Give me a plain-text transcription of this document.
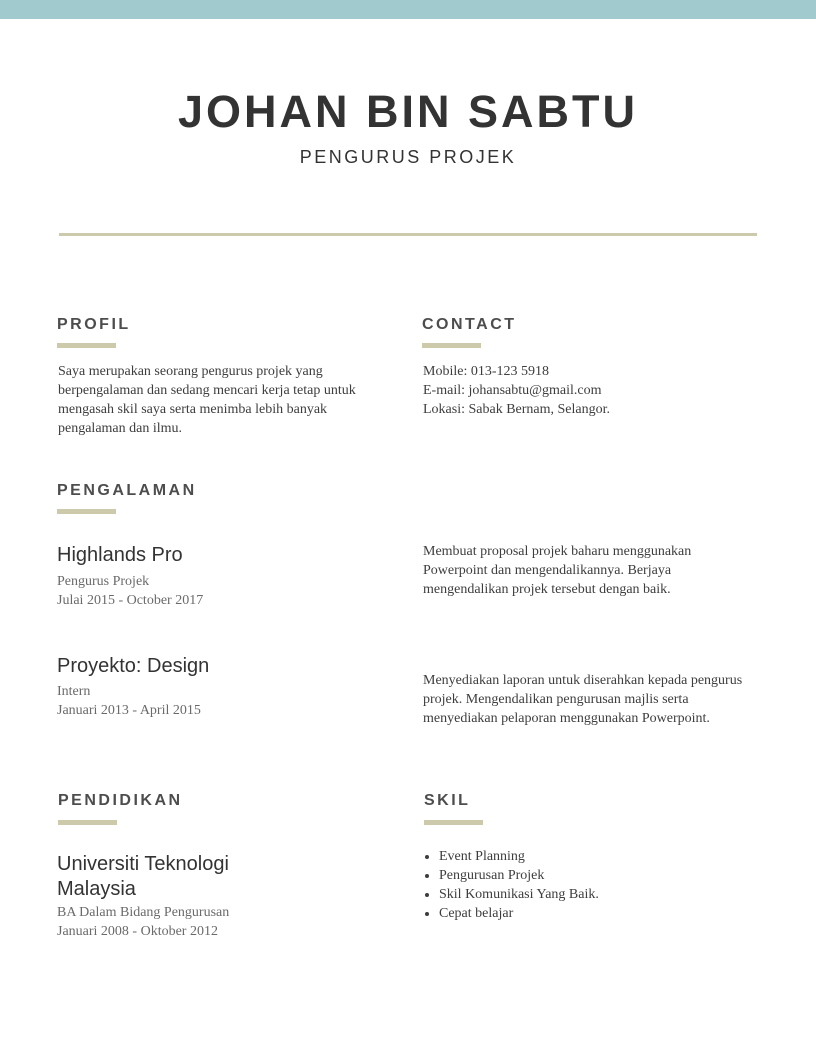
JOHAN BIN SABTU
PENGURUS PROJEK
PROFIL
Saya merupakan seorang pengurus projek yang berpengalaman dan sedang mencari kerja tetap untuk mengasah skil saya serta menimba lebih banyak pengalaman dan ilmu.
CONTACT
Mobile: 013-123 5918
E-mail: johansabtu@gmail.com
Lokasi: Sabak Bernam, Selangor.
PENGALAMAN
Highlands Pro
Pengurus Projek
Julai 2015 - October 2017
Membuat proposal projek baharu menggunakan Powerpoint dan mengendalikannya. Berjaya mengendalikan projek tersebut dengan baik.
Proyekto: Design
Intern
Januari 2013 - April 2015
Menyediakan laporan untuk diserahkan kepada pengurus projek. Mengendalikan pengurusan majlis serta menyediakan pelaporan menggunakan Powerpoint.
PENDIDIKAN
Universiti Teknologi Malaysia
BA Dalam Bidang Pengurusan
Januari 2008 - Oktober 2012
SKIL
• Event Planning
• Pengurusan Projek
• Skil Komunikasi Yang Baik.
• Cepat belajar
